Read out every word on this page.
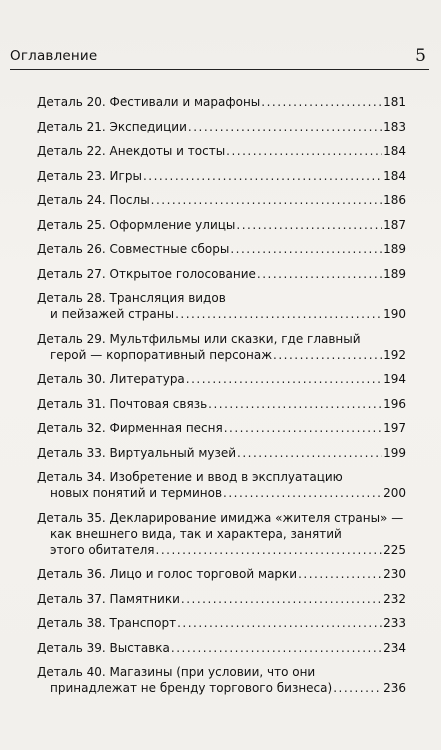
Оглавление	5
Деталь 20. Фестивали и марафоны .....	181
Деталь 21. Экспедиции .....	183
Деталь 22. Анекдоты и тосты .....	184
Деталь 23. Игры .....	184
Деталь 24. Послы .....	186
Деталь 25. Оформление улицы .....	187
Деталь 26. Совместные сборы .....	189
Деталь 27. Открытое голосование .....	189
Деталь 28. Трансляция видов
и пейзажей страны .....	190
Деталь 29. Мультфильмы или сказки, где главный
герой — корпоративный персонаж .....	192
Деталь 30. Литература .....	194
Деталь 31. Почтовая связь .....	196
Деталь 32. Фирменная песня .....	197
Деталь 33. Виртуальный музей .....	199
Деталь 34. Изобретение и ввод в эксплуатацию
новых понятий и терминов .....	200
Деталь 35. Декларирование имиджа «жителя страны» —
как внешнего вида, так и характера, занятий
этого обитателя .....	225
Деталь 36. Лицо и голос торговой марки .....	230
Деталь 37. Памятники .....	232
Деталь 38. Транспорт .....	233
Деталь 39. Выставка .....	234
Деталь 40. Магазины (при условии, что они
принадлежат не бренду торгового бизнеса) .....	236
